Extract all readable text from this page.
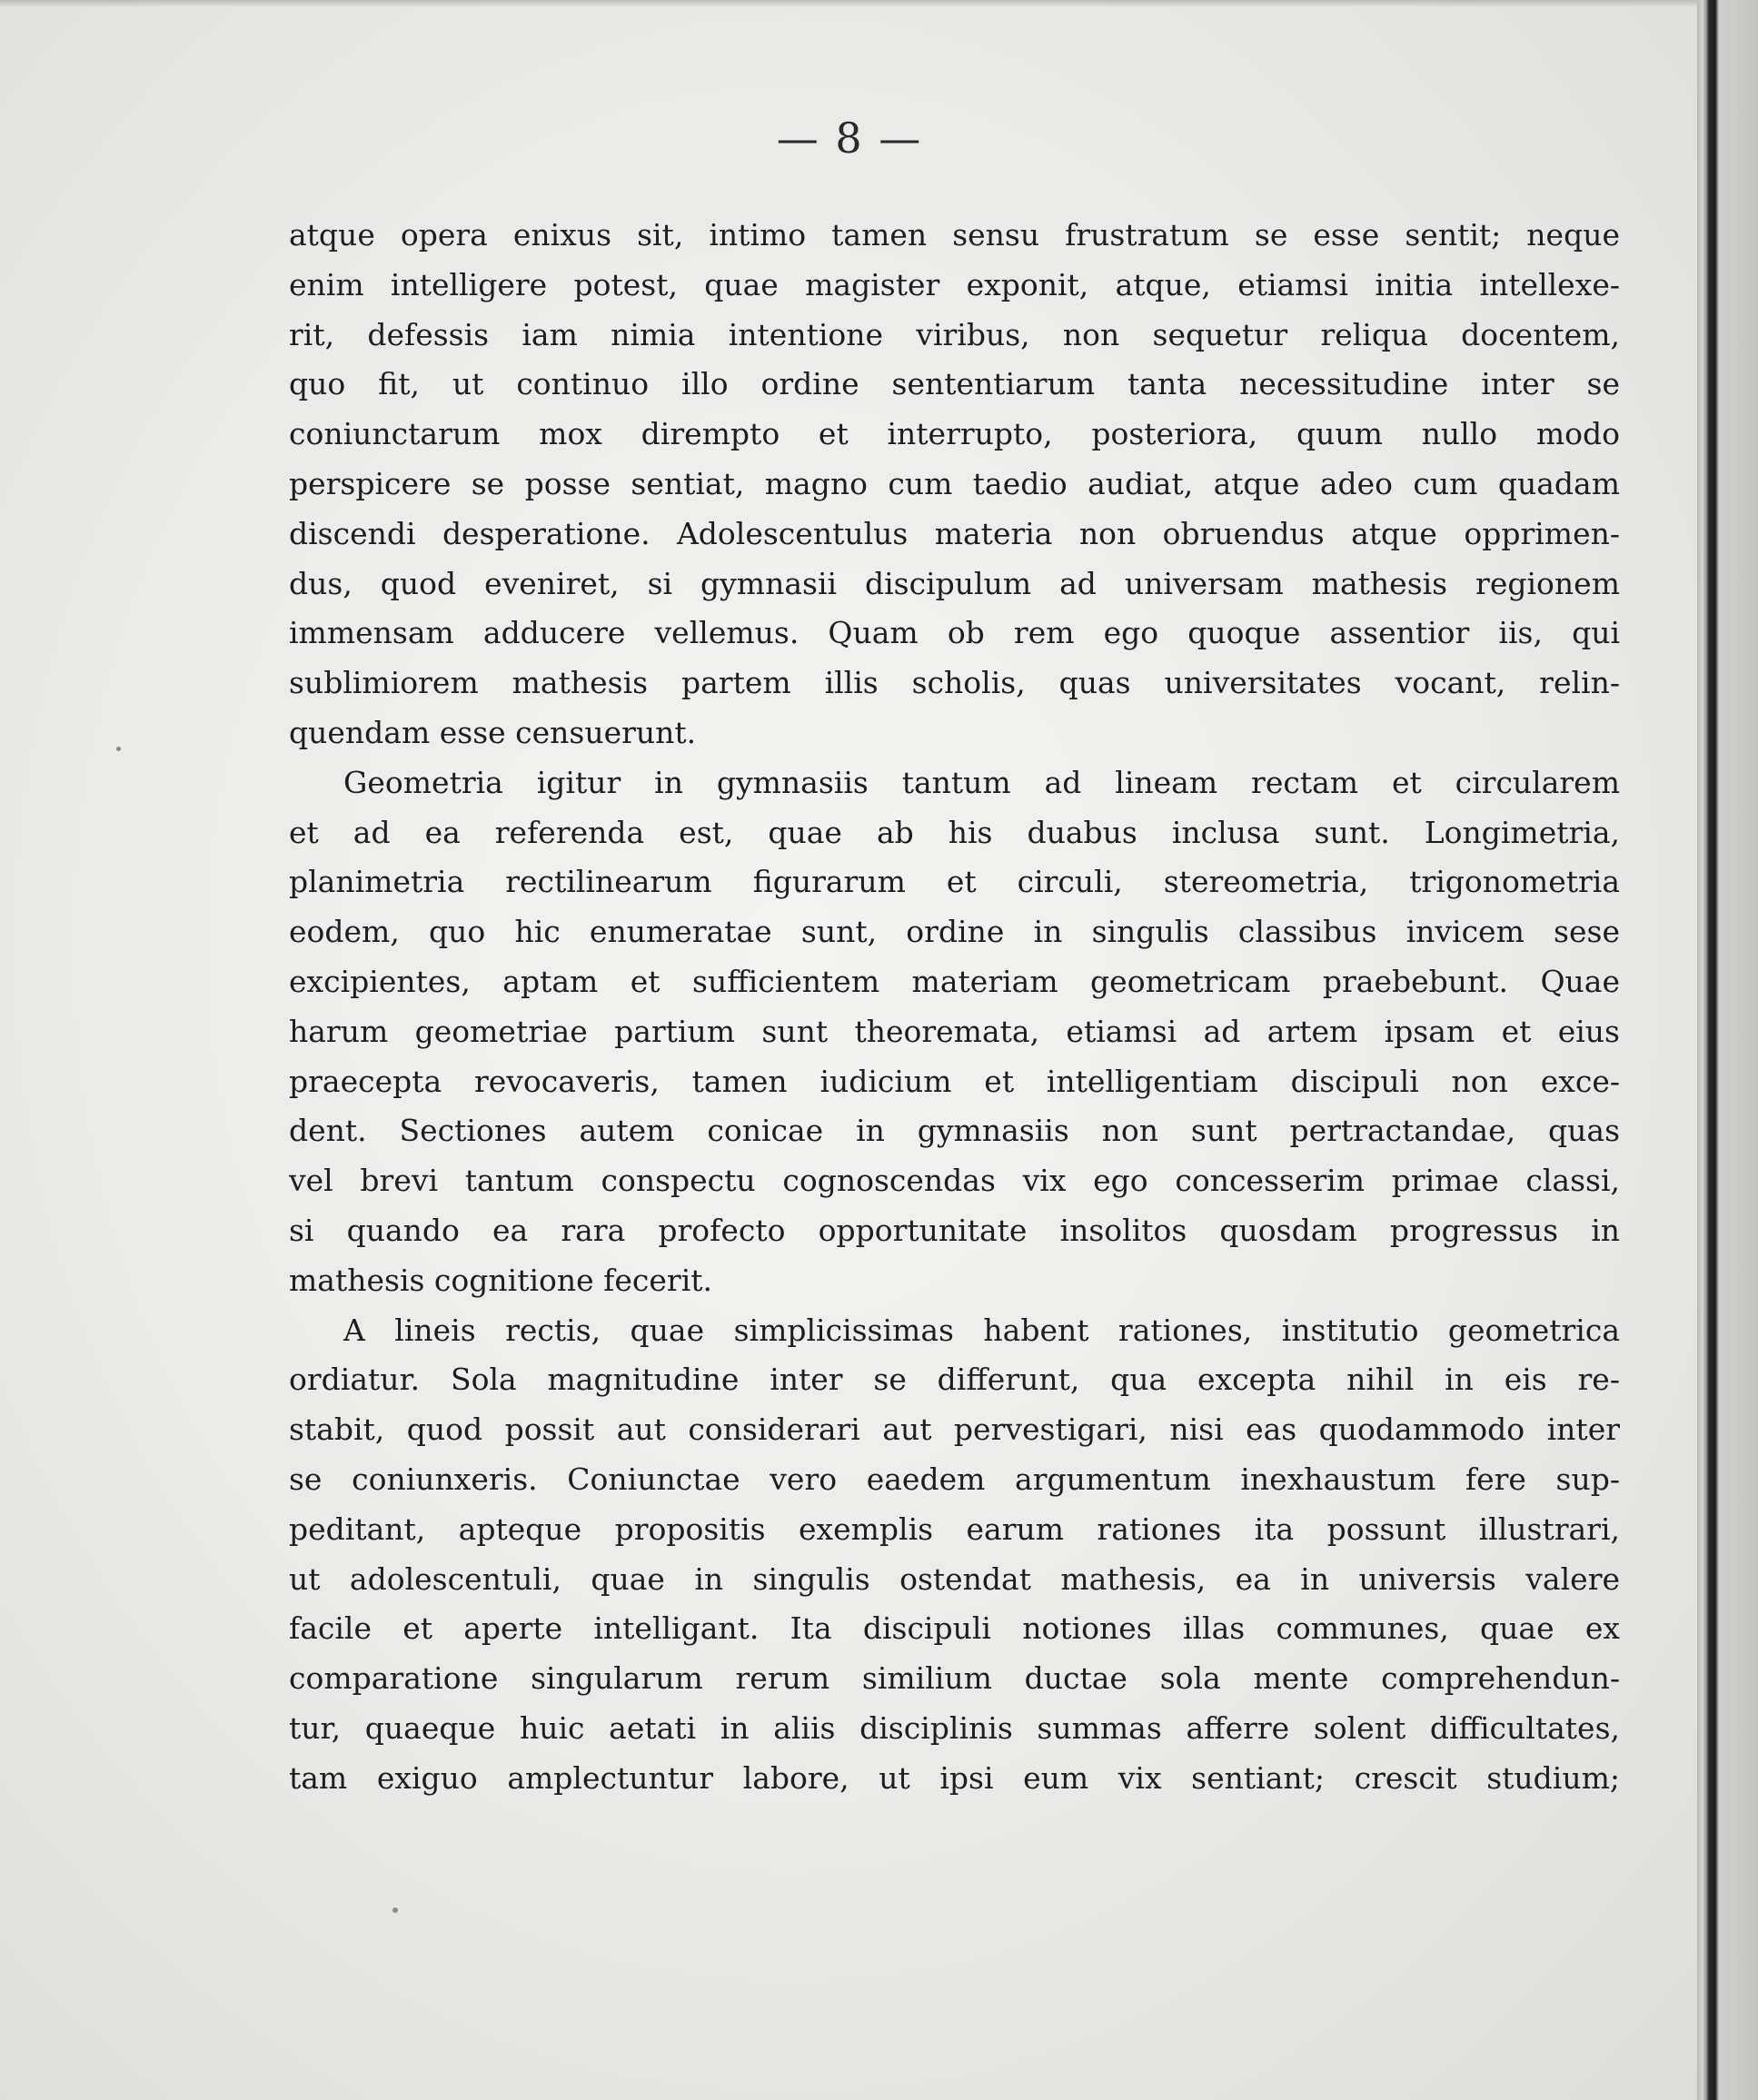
— 8 —
atque opera enixus sit, intimo tamen sensu frustratum se esse sentit; neque
enim intelligere potest, quae magister exponit, atque, etiamsi initia intellexe-
rit, defessis iam nimia intentione viribus, non sequetur reliqua docentem,
quo fit, ut continuo illo ordine sententiarum tanta necessitudine inter se
coniunctarum mox dirempto et interrupto, posteriora, quum nullo modo
perspicere se posse sentiat, magno cum taedio audiat, atque adeo cum quadam
discendi desperatione. Adolescentulus materia non obruendus atque opprimen-
dus, quod eveniret, si gymnasii discipulum ad universam mathesis regionem
immensam adducere vellemus. Quam ob rem ego quoque assentior iis, qui
sublimiorem mathesis partem illis scholis, quas universitates vocant, relin-
quendam esse censuerunt.
Geometria igitur in gymnasiis tantum ad lineam rectam et circularem
et ad ea referenda est, quae ab his duabus inclusa sunt. Longimetria,
planimetria rectilinearum figurarum et circuli, stereometria, trigonometria
eodem, quo hic enumeratae sunt, ordine in singulis classibus invicem sese
excipientes, aptam et sufficientem materiam geometricam praebebunt. Quae
harum geometriae partium sunt theoremata, etiamsi ad artem ipsam et eius
praecepta revocaveris, tamen iudicium et intelligentiam discipuli non exce-
dent. Sectiones autem conicae in gymnasiis non sunt pertractandae, quas
vel brevi tantum conspectu cognoscendas vix ego concesserim primae classi,
si quando ea rara profecto opportunitate insolitos quosdam progressus in
mathesis cognitione fecerit.
A lineis rectis, quae simplicissimas habent rationes, institutio geometrica
ordiatur. Sola magnitudine inter se differunt, qua excepta nihil in eis re-
stabit, quod possit aut considerari aut pervestigari, nisi eas quodammodo inter
se coniunxeris. Coniunctae vero eaedem argumentum inexhaustum fere sup-
peditant, apteque propositis exemplis earum rationes ita possunt illustrari,
ut adolescentuli, quae in singulis ostendat mathesis, ea in universis valere
facile et aperte intelligant. Ita discipuli notiones illas communes, quae ex
comparatione singularum rerum similium ductae sola mente comprehendun-
tur, quaeque huic aetati in aliis disciplinis summas afferre solent difficultates,
tam exiguo amplectuntur labore, ut ipsi eum vix sentiant; crescit studium;
